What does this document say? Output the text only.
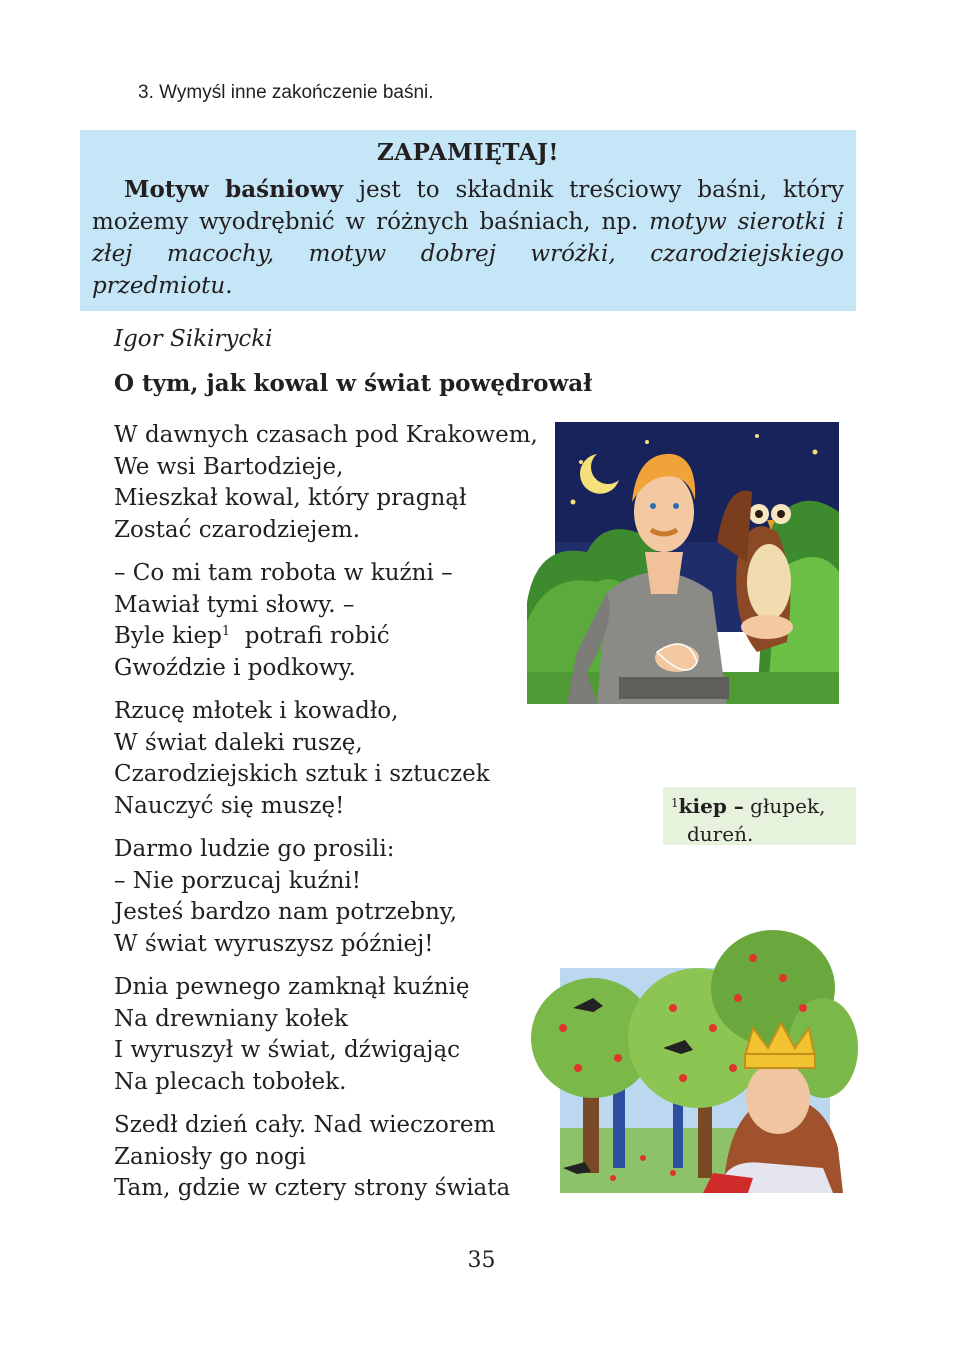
3. Wymyśl inne zakończenie baśni.
ZAPAMIĘTAJ!

Motyw baśniowy jest to składnik treściowy baśni, który możemy wyodrębnić w różnych baśniach, np. motyw sierotki i złej macochy, motyw dobrej wróżki, czarodziejskiego przedmiotu.

Igor Sikirycki
O tym, jak kowal w świat powędrował
W dawnych czasach pod Krakowem,
We wsi Bartodzieje,
Mieszkał kowal, który pragnął
Zostać czarodziejem.
– Co mi tam robota w kuźni –
Mawiał tymi słowy. –
Byle kiep$^1$ potrafi robić
Gwoździe i podkowy.
Rzucę młotek i kowadło,
W świat daleki ruszę,
Czarodziejskich sztuk i sztuczek
Nauczyć się muszę!
Darmo ludzie go prosili:
– Nie porzucaj kuźni!
Jesteś bardzo nam potrzebny,
W świat wyruszysz później!
Dnia pewnego zamknął kuźnię
Na drewniany kołek
I wyruszył w świat, dźwigając
Na plecach tobołek.
Szedł dzień cały. Nad wieczorem
Zaniosły go nogi
Tam, gdzie w cztery strony świata
$^1$kiep – głupek,
dureń.
35
